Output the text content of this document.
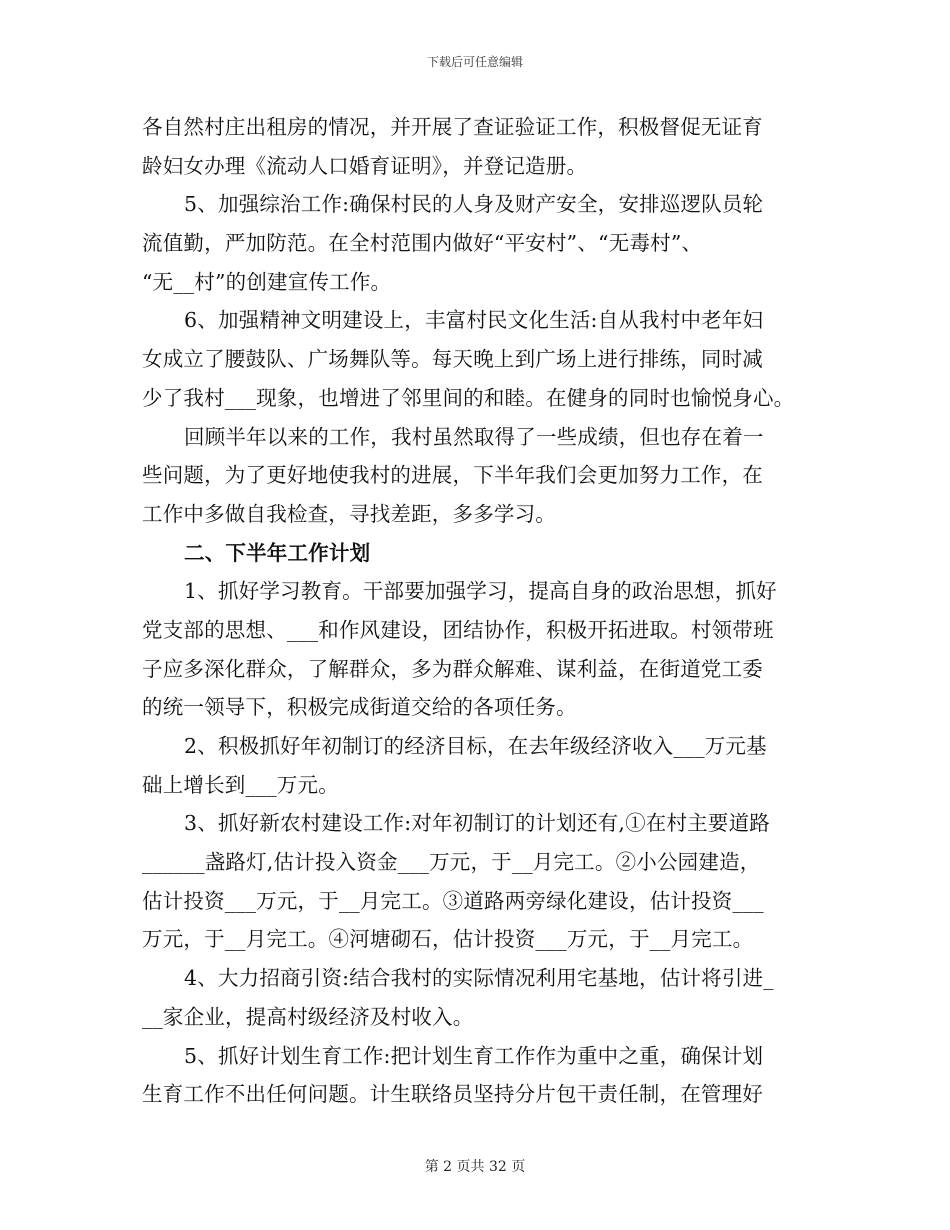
下载后可任意编辑
各自然村庄出租房的情况，并开展了查证验证工作，积极督促无证育
龄妇女办理《流动人口婚育证明》，并登记造册。
5、加强综治工作:确保村民的人身及财产安全，安排巡逻队员轮
流值勤，严加防范。在全村范围内做好“平安村”、“无毒村”、
“无__村”的创建宣传工作。
6、加强精神文明建设上，丰富村民文化生活:自从我村中老年妇
女成立了腰鼓队、广场舞队等。每天晚上到广场上进行排练，同时减
少了我村___现象，也增进了邻里间的和睦。在健身的同时也愉悦身心。
回顾半年以来的工作，我村虽然取得了一些成绩，但也存在着一
些问题，为了更好地使我村的进展，下半年我们会更加努力工作，在
工作中多做自我检查，寻找差距，多多学习。
二、下半年工作计划
1、抓好学习教育。干部要加强学习，提高自身的政治思想，抓好
党支部的思想、___和作风建设，团结协作，积极开拓进取。村领带班
子应多深化群众，了解群众，多为群众解难、谋利益，在街道党工委
的统一领导下，积极完成街道交给的各项任务。
2、积极抓好年初制订的经济目标，在去年级经济收入___万元基
础上增长到___万元。
3、抓好新农村建设工作:对年初制订的计划还有,①在村主要道路
______盏路灯,估计投入资金___万元，于__月完工。②小公园建造，
估计投资___万元，于__月完工。③道路两旁绿化建设，估计投资___
万元，于__月完工。④河塘砌石，估计投资___万元，于__月完工。
4、大力招商引资:结合我村的实际情况利用宅基地，估计将引进_
__家企业，提高村级经济及村收入。
5、抓好计划生育工作:把计划生育工作作为重中之重，确保计划
生育工作不出任何问题。计生联络员坚持分片包干责任制，在管理好
第 2 页共 32 页
